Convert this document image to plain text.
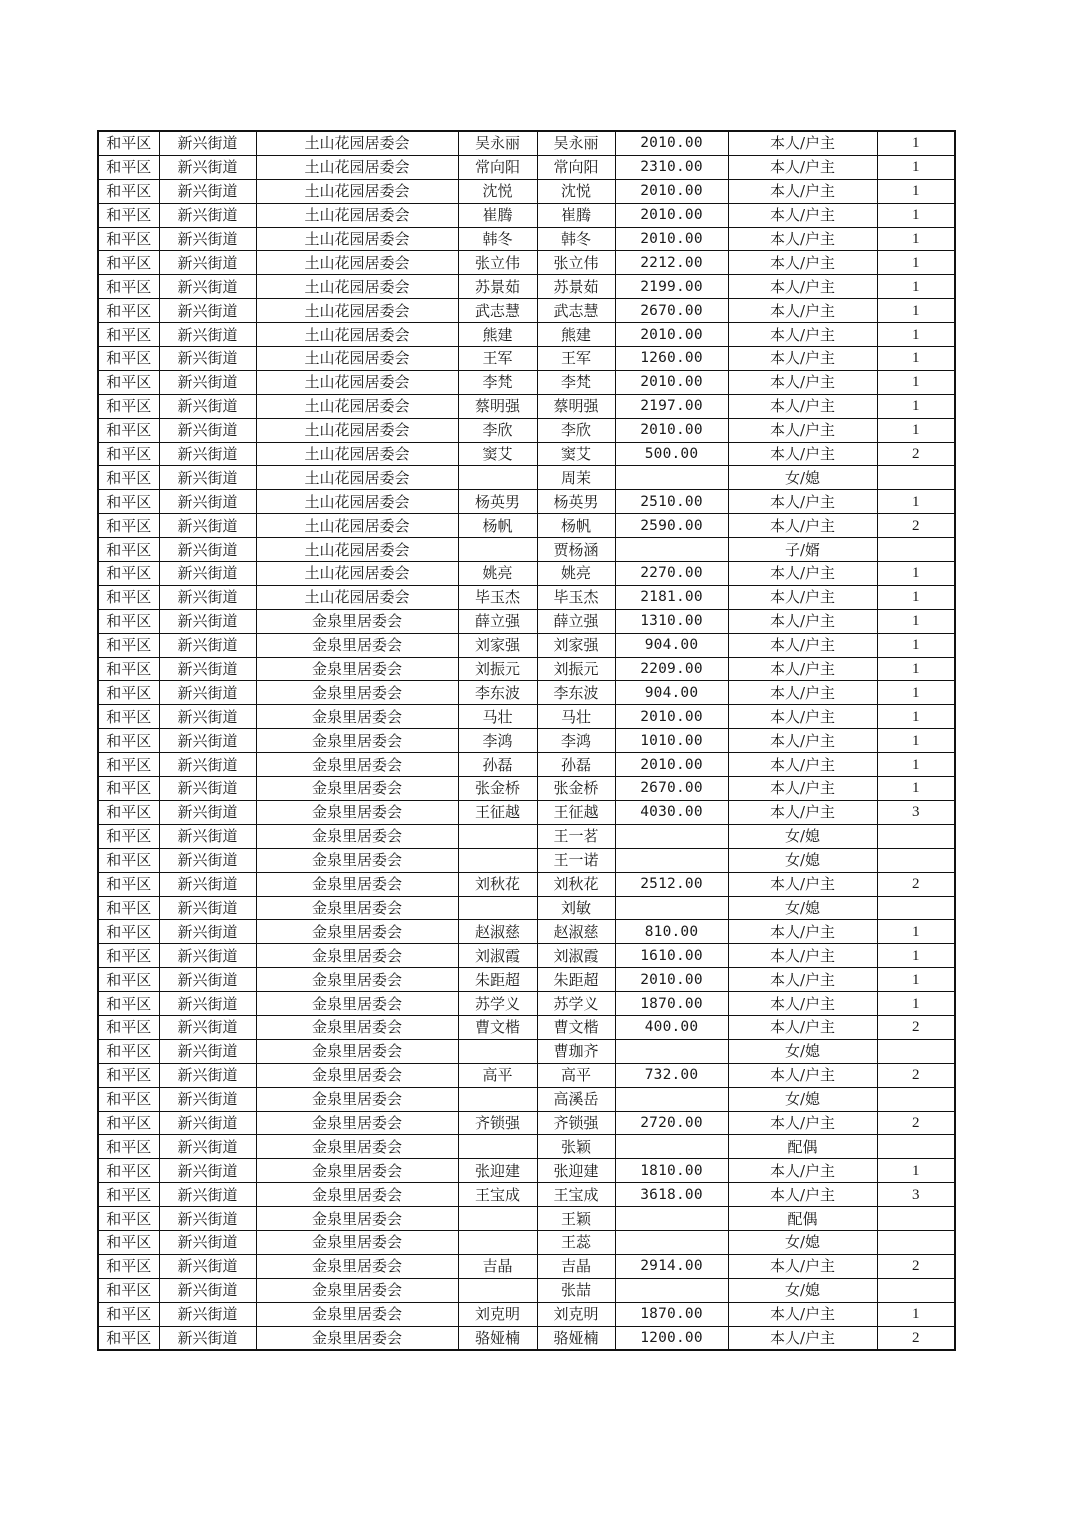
和平区	新兴街道	土山花园居委会	吴永丽	吴永丽	2010.00	本人/户主	1
和平区	新兴街道	土山花园居委会	常向阳	常向阳	2310.00	本人/户主	1
和平区	新兴街道	土山花园居委会	沈悦	沈悦	2010.00	本人/户主	1
和平区	新兴街道	土山花园居委会	崔腾	崔腾	2010.00	本人/户主	1
和平区	新兴街道	土山花园居委会	韩冬	韩冬	2010.00	本人/户主	1
和平区	新兴街道	土山花园居委会	张立伟	张立伟	2212.00	本人/户主	1
和平区	新兴街道	土山花园居委会	苏景茹	苏景茹	2199.00	本人/户主	1
和平区	新兴街道	土山花园居委会	武志慧	武志慧	2670.00	本人/户主	1
和平区	新兴街道	土山花园居委会	熊建	熊建	2010.00	本人/户主	1
和平区	新兴街道	土山花园居委会	王军	王军	1260.00	本人/户主	1
和平区	新兴街道	土山花园居委会	李梵	李梵	2010.00	本人/户主	1
和平区	新兴街道	土山花园居委会	蔡明强	蔡明强	2197.00	本人/户主	1
和平区	新兴街道	土山花园居委会	李欣	李欣	2010.00	本人/户主	1
和平区	新兴街道	土山花园居委会	窦艾	窦艾	500.00	本人/户主	2
和平区	新兴街道	土山花园居委会		周茉		女/媳	
和平区	新兴街道	土山花园居委会	杨英男	杨英男	2510.00	本人/户主	1
和平区	新兴街道	土山花园居委会	杨帆	杨帆	2590.00	本人/户主	2
和平区	新兴街道	土山花园居委会		贾杨涵		子/婿	
和平区	新兴街道	土山花园居委会	姚亮	姚亮	2270.00	本人/户主	1
和平区	新兴街道	土山花园居委会	毕玉杰	毕玉杰	2181.00	本人/户主	1
和平区	新兴街道	金泉里居委会	薛立强	薛立强	1310.00	本人/户主	1
和平区	新兴街道	金泉里居委会	刘家强	刘家强	904.00	本人/户主	1
和平区	新兴街道	金泉里居委会	刘振元	刘振元	2209.00	本人/户主	1
和平区	新兴街道	金泉里居委会	李东波	李东波	904.00	本人/户主	1
和平区	新兴街道	金泉里居委会	马壮	马壮	2010.00	本人/户主	1
和平区	新兴街道	金泉里居委会	李鸿	李鸿	1010.00	本人/户主	1
和平区	新兴街道	金泉里居委会	孙磊	孙磊	2010.00	本人/户主	1
和平区	新兴街道	金泉里居委会	张金桥	张金桥	2670.00	本人/户主	1
和平区	新兴街道	金泉里居委会	王征越	王征越	4030.00	本人/户主	3
和平区	新兴街道	金泉里居委会		王一茗		女/媳	
和平区	新兴街道	金泉里居委会		王一诺		女/媳	
和平区	新兴街道	金泉里居委会	刘秋花	刘秋花	2512.00	本人/户主	2
和平区	新兴街道	金泉里居委会		刘敏		女/媳	
和平区	新兴街道	金泉里居委会	赵淑慈	赵淑慈	810.00	本人/户主	1
和平区	新兴街道	金泉里居委会	刘淑霞	刘淑霞	1610.00	本人/户主	1
和平区	新兴街道	金泉里居委会	朱距超	朱距超	2010.00	本人/户主	1
和平区	新兴街道	金泉里居委会	苏学义	苏学义	1870.00	本人/户主	1
和平区	新兴街道	金泉里居委会	曹文楷	曹文楷	400.00	本人/户主	2
和平区	新兴街道	金泉里居委会		曹珈齐		女/媳	
和平区	新兴街道	金泉里居委会	高平	高平	732.00	本人/户主	2
和平区	新兴街道	金泉里居委会		高溪岳		女/媳	
和平区	新兴街道	金泉里居委会	齐锁强	齐锁强	2720.00	本人/户主	2
和平区	新兴街道	金泉里居委会		张颖		配偶	
和平区	新兴街道	金泉里居委会	张迎建	张迎建	1810.00	本人/户主	1
和平区	新兴街道	金泉里居委会	王宝成	王宝成	3618.00	本人/户主	3
和平区	新兴街道	金泉里居委会		王颖		配偶	
和平区	新兴街道	金泉里居委会		王蕊		女/媳	
和平区	新兴街道	金泉里居委会	吉晶	吉晶	2914.00	本人/户主	2
和平区	新兴街道	金泉里居委会		张喆		女/媳	
和平区	新兴街道	金泉里居委会	刘克明	刘克明	1870.00	本人/户主	1
和平区	新兴街道	金泉里居委会	骆娅楠	骆娅楠	1200.00	本人/户主	2
